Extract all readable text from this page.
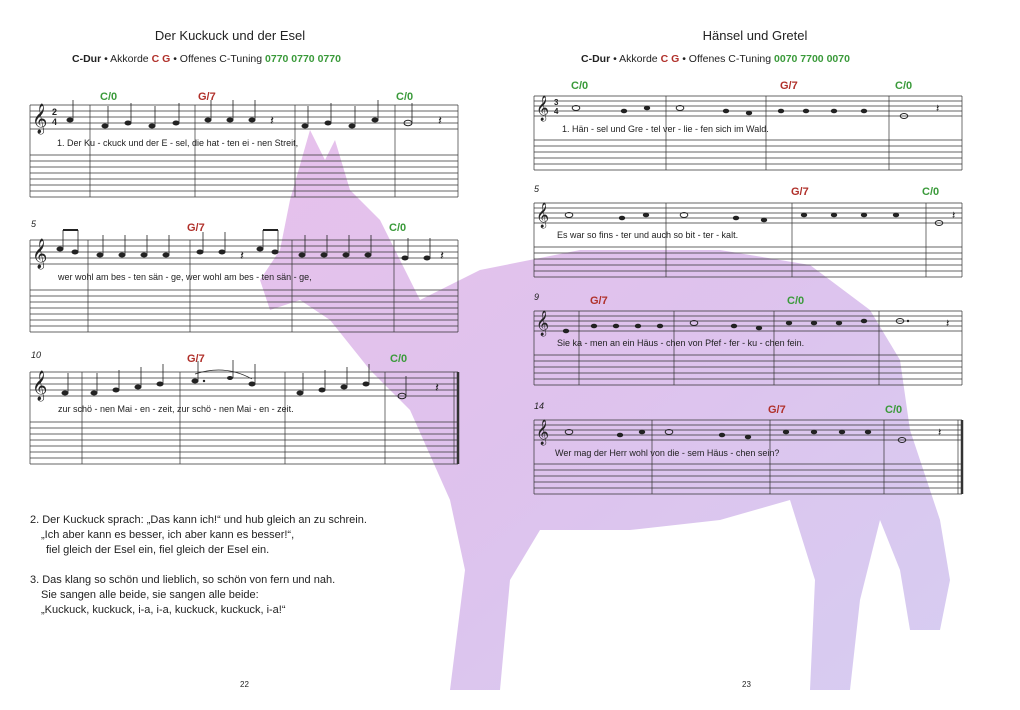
Der Kuckuck und der Esel
C-Dur • Akkorde C G • Offenes C-Tuning 0770 0770 0770
C/0	G/7	C/0
𝄞 2
4	𝄽	𝄽
1. Der Ku - ckuck und der E - sel, die hat - ten ei - nen Streit,
5	G/7	C/0
𝄞	𝄽	𝄽
wer wohl am bes - ten sän - ge, wer wohl am bes - ten sän - ge,
10	G/7	C/0
𝄞	𝄽
zur schö - nen Mai - en - zeit, zur schö - nen Mai - en - zeit.
2. Der Kuckuck sprach: „Das kann ich!“ und hub gleich an zu schrein.
„Ich aber kann es besser, ich aber kann es besser!“,
fiel gleich der Esel ein, fiel gleich der Esel ein.
3. Das klang so schön und lieblich, so schön von fern und nah.
Sie sangen alle beide, sie sangen alle beide:
„Kuckuck, kuckuck, i-a, i-a, kuckuck, kuckuck, i-a!“
22
Hänsel und Gretel
C-Dur • Akkorde C G • Offenes C-Tuning 0070 7700 0070
C/0	G/7	C/0
𝄞 3
4	𝄽
1. Hän - sel und Gre - tel ver - lie - fen sich im Wald.
5	G/7	C/0
𝄞	𝄽
Es war so fins - ter und auch so bit - ter - kalt.
9	G/7	C/0
𝄞	𝄽
Sie ka - men an ein Häus - chen von Pfef - fer - ku - chen fein.
14	G/7	C/0
𝄞	𝄽
Wer mag der Herr wohl von die - sem Häus - chen sein?
23
